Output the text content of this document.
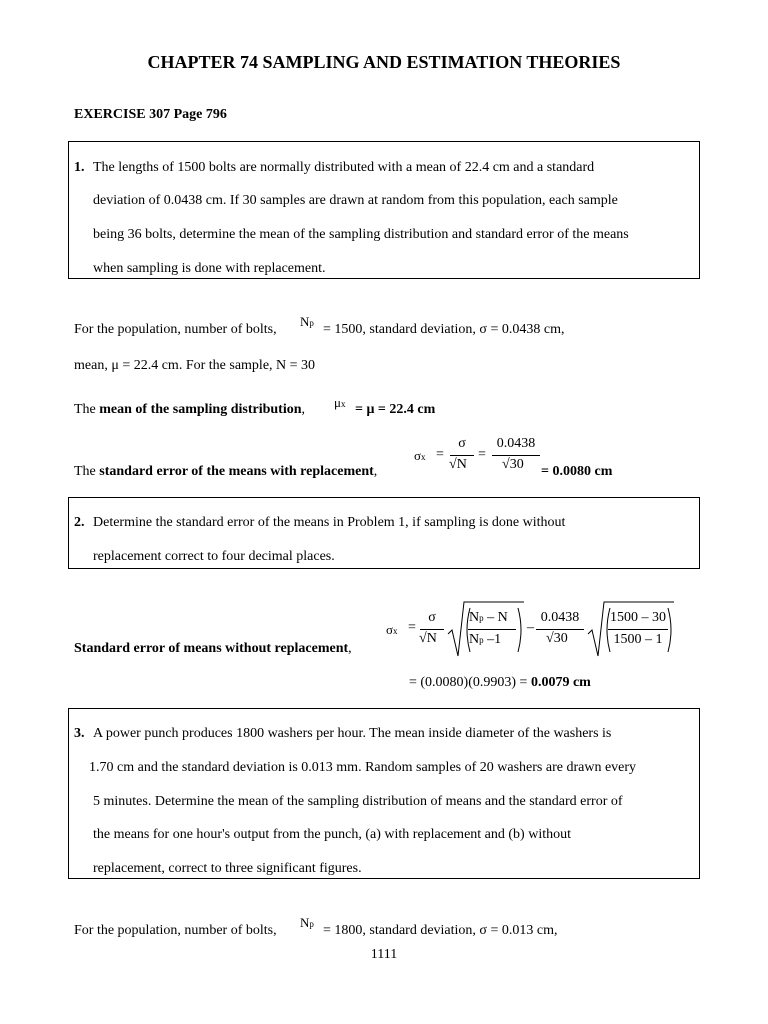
CHAPTER 74 SAMPLING AND ESTIMATION THEORIES
EXERCISE 307 Page 796
1. The lengths of 1500 bolts are normally distributed with a mean of 22.4 cm and a standard
deviation of 0.0438 cm. If 30 samples are drawn at random from this population, each sample
being 36 bolts, determine the mean of the sampling distribution and standard error of the means
when sampling is done with replacement.
For the population, number of bolts,
Np = 1500, standard deviation, σ = 0.0438 cm,
mean, μ = 22.4 cm. For the sample, N = 30
The mean of the sampling distribution, μx = μ = 22.4 cm
σx =
σ
√N
=
0.0438
√30
The standard error of the means with replacement,	= 0.0080 cm
2. Determine the standard error of the means in Problem 1, if sampling is done without
replacement correct to four decimal places.
σx =
σ
√N
Np – N
Np –1
–
0.0438
√30
1500 – 30
1500 – 1
Standard error of means without replacement,
= (0.0080)(0.9903) = 0.0079 cm
3. A power punch produces 1800 washers per hour. The mean inside diameter of the washers is
1.70 cm and the standard deviation is 0.013 mm. Random samples of 20 washers are drawn every
5 minutes. Determine the mean of the sampling distribution of means and the standard error of
the means for one hour's output from the punch, (a) with replacement and (b) without
replacement, correct to three significant figures.
For the population, number of bolts,
Np = 1800, standard deviation, σ = 0.013 cm,
1111
